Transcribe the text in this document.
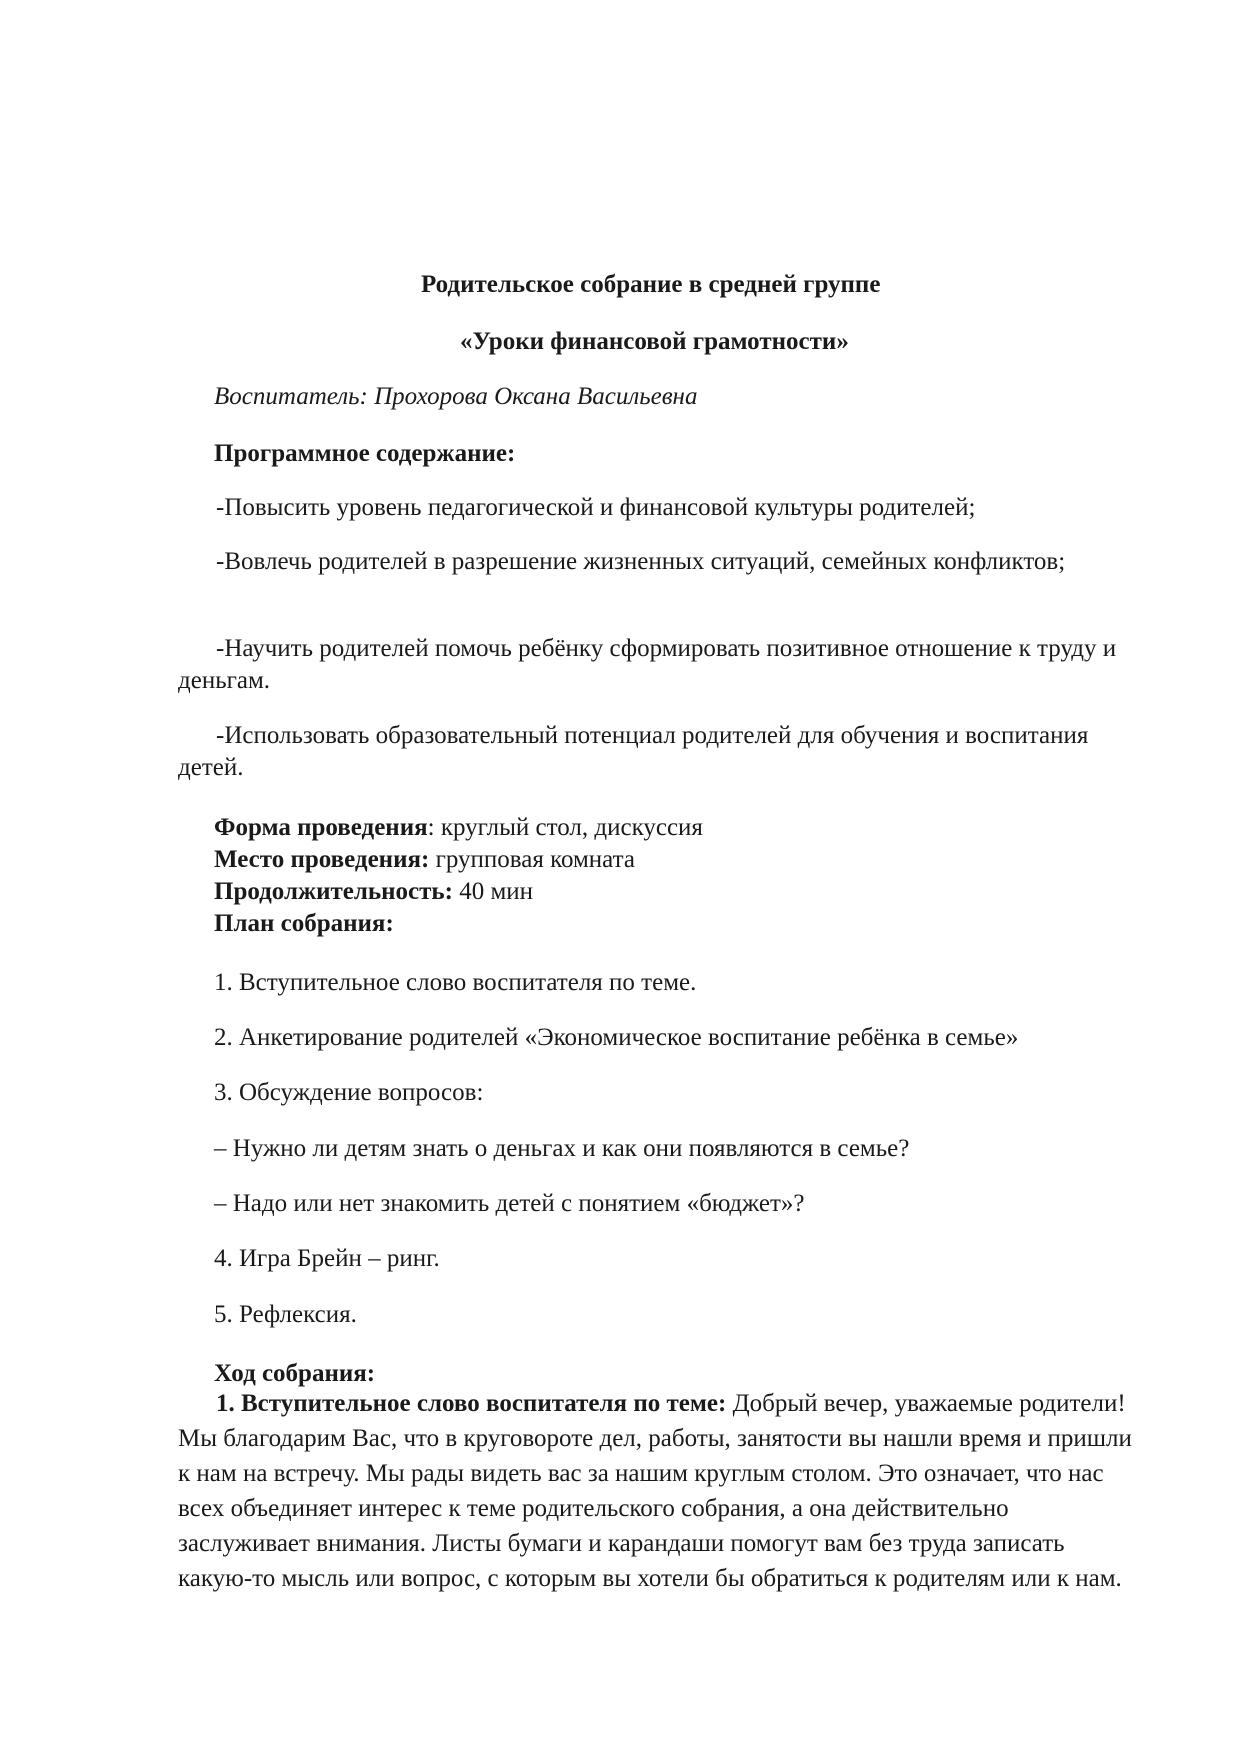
Родительское собрание в средней группе
«Уроки финансовой грамотности»
Воспитатель: Прохорова Оксана Васильевна
Программное содержание:
-Повысить уровень педагогической и финансовой культуры родителей;
-Вовлечь родителей в разрешение жизненных ситуаций, семейных конфликтов;
-Научить родителей помочь ребёнку сформировать позитивное отношение к труду и деньгам.
-Использовать образовательный потенциал родителей для обучения и воспитания детей.
Форма проведения: круглый стол, дискуссия
Место проведения: групповая комната
Продолжительность: 40 мин
План собрания:
1. Вступительное слово воспитателя по теме.
2. Анкетирование родителей «Экономическое воспитание ребёнка в семье»
3. Обсуждение вопросов:
– Нужно ли детям знать о деньгах и как они появляются в семье?
– Надо или нет знакомить детей с понятием «бюджет»?
4. Игра Брейн – ринг.
5. Рефлексия.
Ход собрания:
1. Вступительное слово воспитателя по теме: Добрый вечер, уважаемые родители! Мы благодарим Вас, что в круговороте дел, работы, занятости вы нашли время и пришли к нам на встречу. Мы рады видеть вас за нашим круглым столом. Это означает, что нас всех объединяет интерес к теме родительского собрания, а она действительно заслуживает внимания. Листы бумаги и карандаши помогут вам без труда записать какую-то мысль или вопрос, с которым вы хотели бы обратиться к родителям или к нам.
